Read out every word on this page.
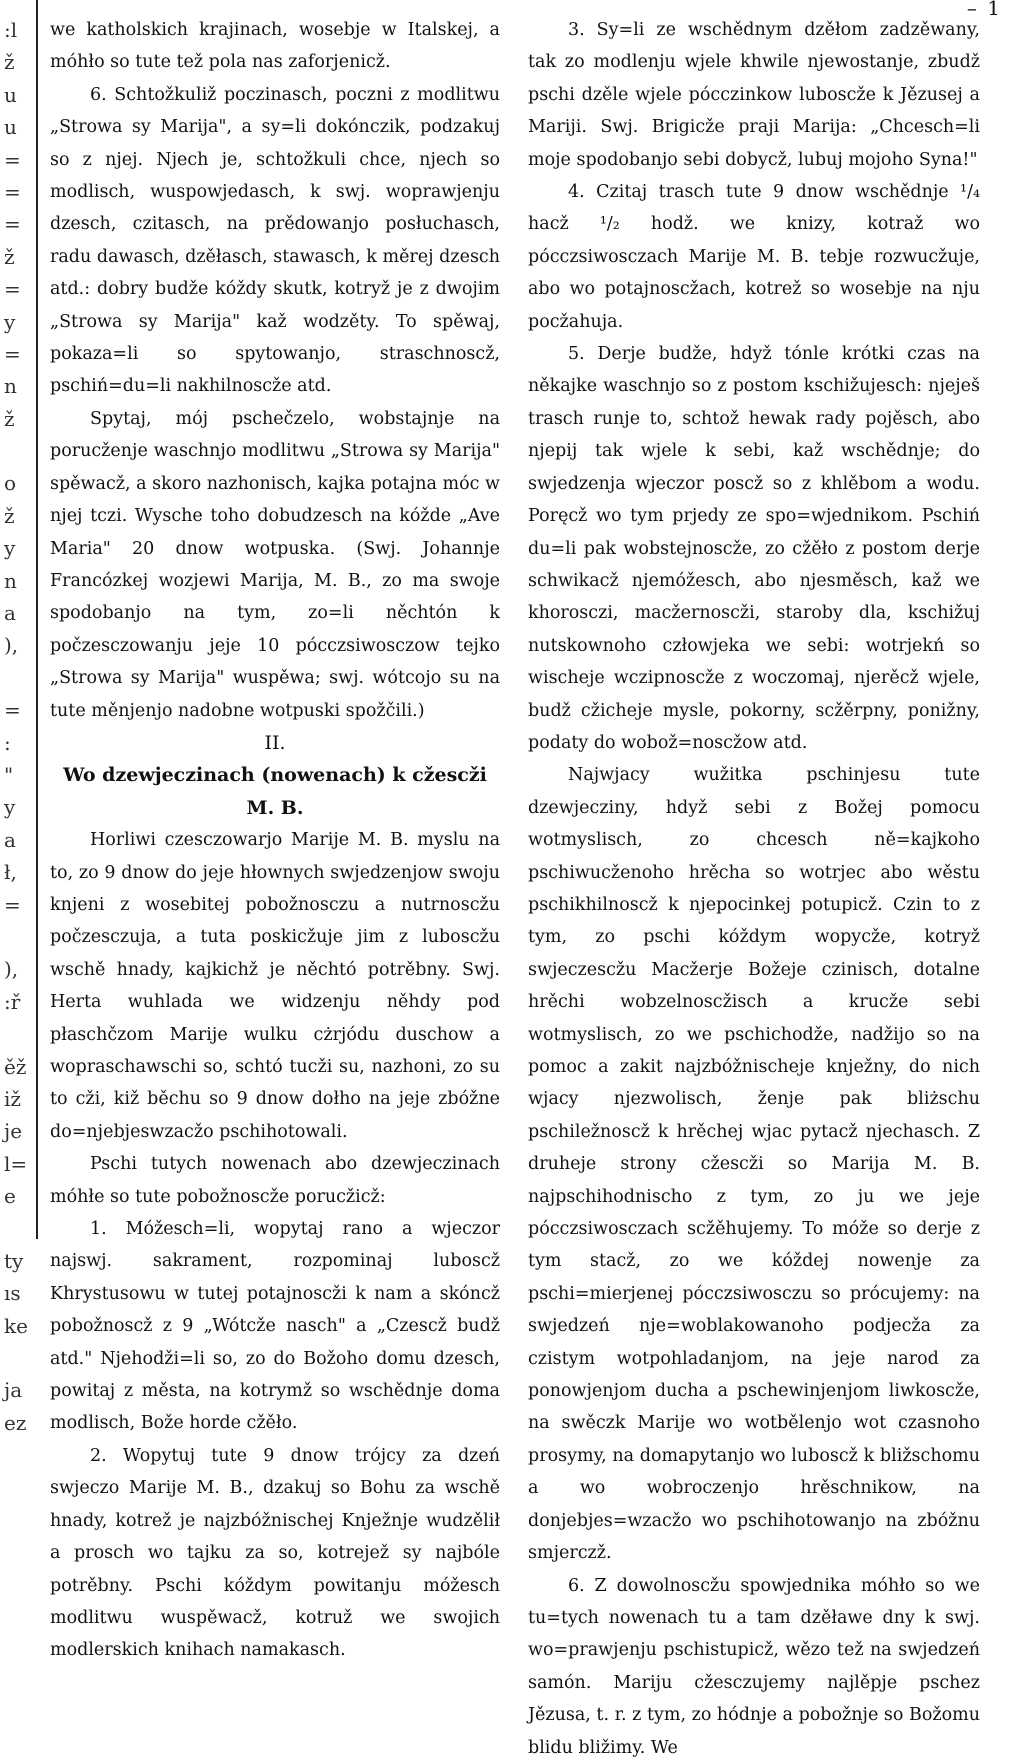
:l
ž
u
u
=
=
=
ž
=
y
=
n
ž
o
ž
y
n
a
),
=
:
"
y
a
ł,
=
),
:ř
ěž
iž
je
l=
e
ty
ıs
ke
ja
ez
– 1

we katholskich krajinach, wosebje w Italskej, a móhło so tute tež pola nas zaforjenicž.

6. Schtožkuliž poczinasch, poczni z modlitwu „Strowa sy Marija", a sy=li dokónczik, podzakuj so z njej. Njech je, schtožkuli chce, njech so modlisch, wuspowjedasch, k swj. woprawjenju dzesch, czitasch, na prědowanjo posłuchasch, radu dawasch, dzěłasch, stawasch, k měrej dzesch atd.: dobry budže kóždy skutk, kotryž je z dwojim „Strowa sy Marija" kaž wodzěty. To spěwaj, pokaza=li so spytowanjo, straschnoscž, pschiń=du=li nakhilnoscže atd.

Spytaj, mój pschečzelo, wobstajnje na porucženje waschnjo modlitwu „Strowa sy Marija" spěwacž, a skoro nazhonisch, kajka potajna móc w njej tczi. Wysche toho dobudzesch na kóžde „Ave Maria" 20 dnow wotpuska. (Swj. Johannje Francózkej wozjewi Marija, M. B., zo ma swoje spodobanjo na tym, zo=li něchtón k počzesczowanju jeje 10 pócczsiwosczow tejko „Strowa sy Marija" wuspěwa; swj. wótcojo su na tute měnjenjo nadobne wotpuski spožčili.)

II.

Wo dzewjeczinach (nowenach) k cžescži M. B.

Horliwi czesczowarjo Marije M. B. myslu na to, zo 9 dnow do jeje hłownych swjedzenjow swoju knjeni z wosebitej pobožnosczu a nutrnoscžu počzesczuja, a tuta poskicžuje jim z luboscžu wschě hnady, kajkichž je něchtó potrěbny. Swj. Herta wuhlada we widzenju něhdy pod płaschčzom Marije wulku cżrjódu duschow a wopraschawschi so, schtó tucži su, nazhoni, zo su to cži, kiž běchu so 9 dnow dołho na jeje zbóžne do=njebjeswzacžo pschihotowali.

Pschi tutych nowenach abo dzewjeczinach móhłe so tute pobožnoscže porucžicž:

1. Móžesch=li, wopytaj rano a wjeczor najswj. sakrament, rozpominaj luboscž Khrystusowu w tutej potajnoscži k nam a skóncž pobožnoscž z 9 „Wótcže nasch" a „Czescž budž atd." Njehodži=li so, zo do Božoho domu dzesch, powitaj z města, na kotrymž so wschědnje doma modlisch, Bože horde cžěło.

2. Wopytuj tute 9 dnow trójcy za dzeń swjeczo Marije M. B., dzakuj so Bohu za wschě hnady, kotrež je najzbóžnischej Knježnje wudzělił a prosch wo tajku za so, kotrejež sy najbóle potrěbny. Pschi kóždym powitanju móžesch modlitwu wuspěwacž, kotruž we swojich modlerskich knihach namakasch.

3. Sy=li ze wschědnym dzěłom zadzěwany, tak zo modlenju wjele khwile njewostanje, zbudž pschi dzěle wjele pócczinkow luboscže k Jězusej a Mariji. Swj. Brigicže praji Marija: „Chcesch=li moje spodobanjo sebi dobycž, lubuj mojoho Syna!"

4. Czitaj trasch tute 9 dnow wschědnje ¹/₄ hacž ¹/₂ hodž. we knizy, kotraž wo pócczsiwosczach Marije M. B. tebje rozwucžuje, abo wo potajnoscžach, kotrež so wosebje na nju pocžahuja.

5. Derje budže, hdyž tónle krótki czas na někajke waschnjo so z postom kschižujesch: njeješ trasch runje to, schtož hewak rady pojěsch, abo njepij tak wjele k sebi, kaž wschědnje; do swjedzenja wjeczor poscž so z khlěbom a wodu. Poręcž wo tym prjedy ze spo=wjednikom. Pschiń du=li pak wobstejnoscže, zo cžěło z postom derje schwikacž njemóžesch, abo njesměsch, kaž we khorosczi, macžernoscži, staroby dla, kschižuj nutskownoho człowjeka we sebi: wotrjekń so wischeje wczipnoscže z woczomaj, njerěcž wjele, budž cžicheje mysle, pokorny, scžěrpny, ponižny, podaty do wobož=noscžow atd.

Najwjacy wužitka pschinjesu tute dzewjecziny, hdyž sebi z Božej pomocu wotmyslisch, zo chcesch ně=kajkoho pschiwucženoho hrěcha so wotrjec abo wěstu pschikhilnoscž k njepocinkej potupicž. Czin to z tym, zo pschi kóždym wopycže, kotryž swjeczescžu Macžerje Božeje czinisch, dotalne hrěchi wobzelnoscžisch a krucže sebi wotmyslisch, zo we pschichodže, nadžijo so na pomoc a zakit najzbóžnischeje knježny, do nich wjacy njezwolisch, ženje pak bliżschu pschiležnoscž k hrěchej wjac pytacž njechasch. Z druheje strony cžescži so Marija M. B. najpschihodnischo z tym, zo ju we jeje pócczsiwosczach scžěhujemy. To móže so derje z tym stacž, zo we kóždej nowenje za pschi=mierjenej pócczsiwosczu so prócujemy: na swjedzeń nje=woblakowanoho podjecža za czistym wotpohladanjom, na jeje narod za ponowjenjom ducha a pschewinjenjom liwkoscže, na swěczk Marije wo wotbělenjo wot czasnoho prosymy, na domapytanjo wo luboscž k bližschomu a wo wobroczenjo hrěschnikow, na donjebjes=wzacžo wo pschihotowanjo na zbóžnu smjerczž.

6. Z dowolnoscžu spowjednika móhło so we tu=tych nowenach tu a tam dzěławe dny k swj. wo=prawjenju pschistupicž, wězo tež na swjedzeń samón. Mariju cžesczujemy najlěpje pschez Jězusa, t. r. z tym, zo hódnje a pobožnje so Božomu blidu bližimy. We
